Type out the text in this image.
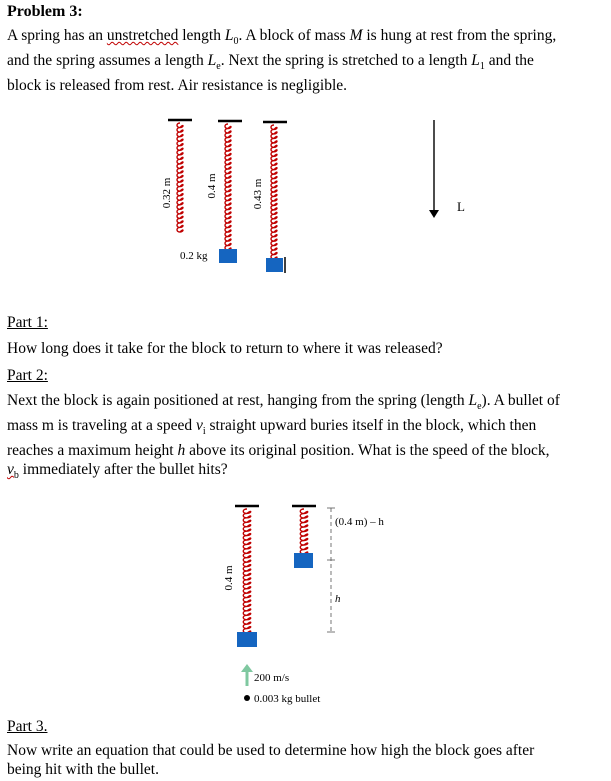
Problem 3:

A spring has an unstretched length $L_0$. A block of mass M is hung at rest from the spring,
and the spring assumes a length $L_e$. Next the spring is stretched to a length $L_1$ and the
block is released from rest. Air resistance is negligible.

0.32 m	0.4 m
0.2 kg
0.43 m	L

Part 1:

How long does it take for the block to return to where it was released?

Part 2:

Next the block is again positioned at rest, hanging from the spring (length $L_e$). A bullet of
mass m is traveling at a speed $v_i$ straight upward buries itself in the block, which then
reaches a maximum height h above its original position. What is the speed of the block,
$v_b$ immediately after the bullet hits?

0.4 m
200 m/s
0.003 kg bullet
(0.4 m) – h
h

Part 3.

Now write an equation that could be used to determine how high the block goes after
being hit with the bullet.
